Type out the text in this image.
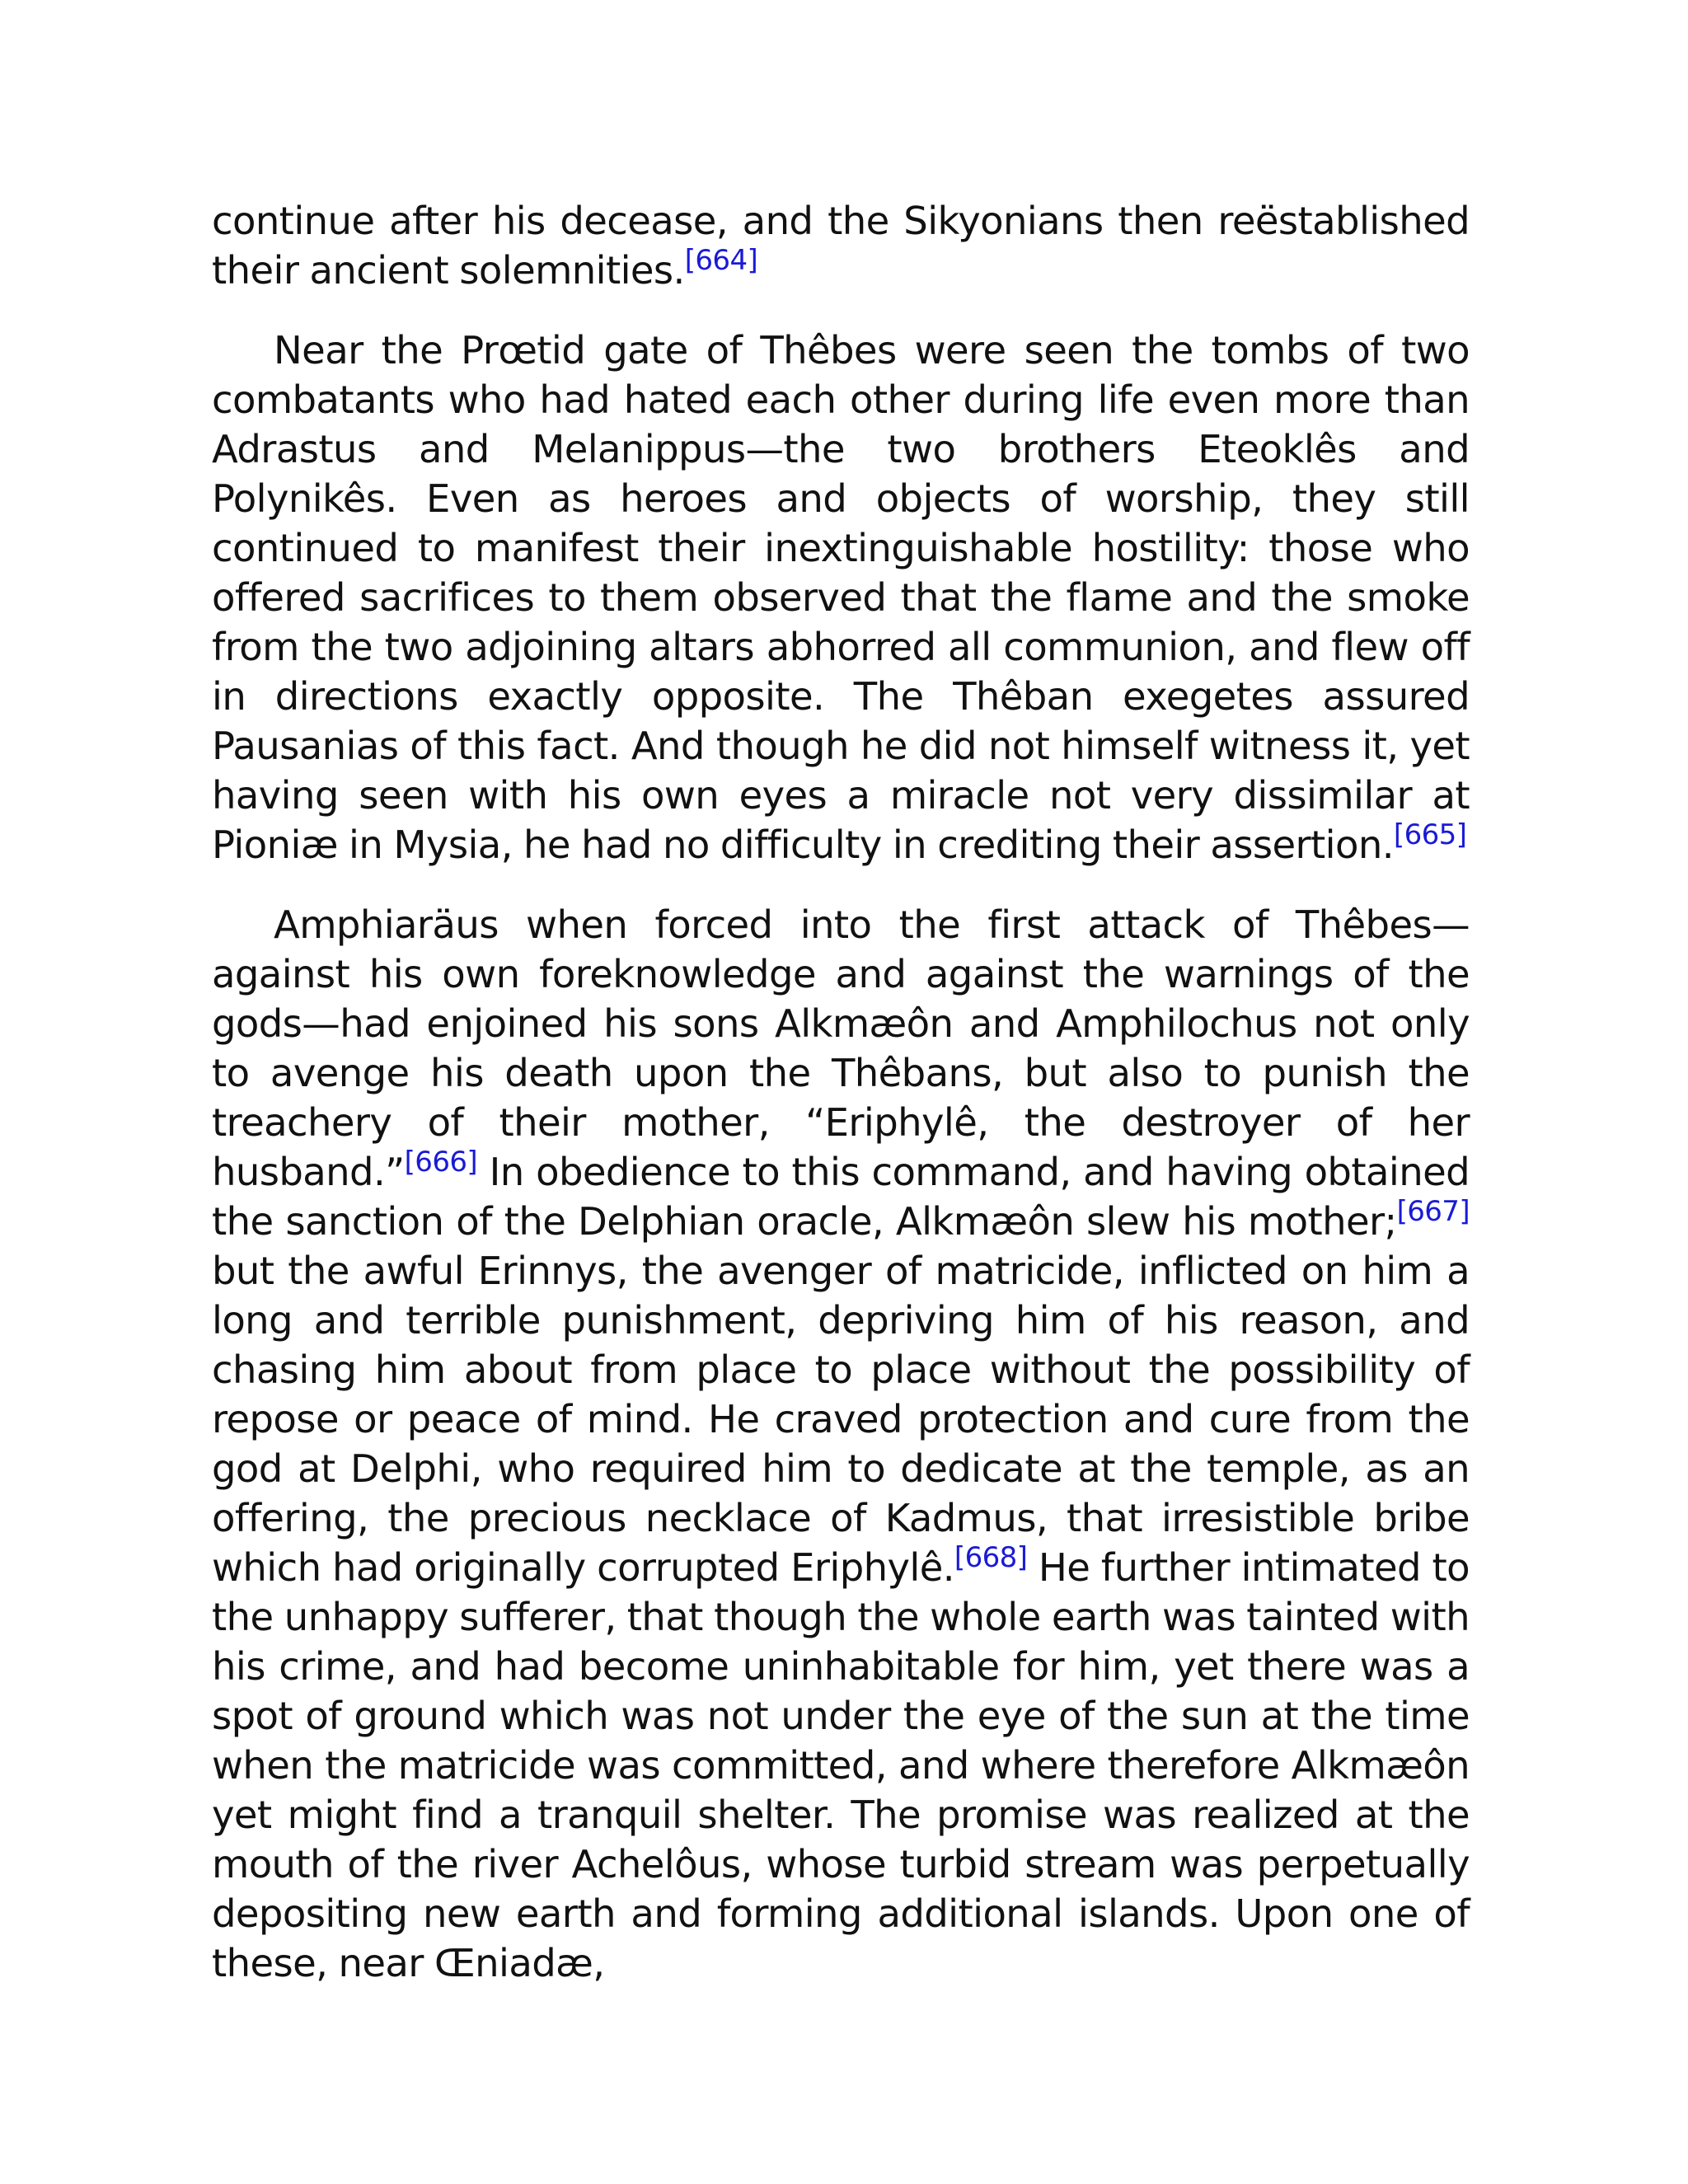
continue after his decease, and the Sikyonians then reëstablished their ancient solemnities.[664]

Near the Prœtid gate of Thêbes were seen the tombs of two combatants who had hated each other during life even more than Adrastus and Melanippus—the two brothers Eteoklês and Polynikês. Even as heroes and objects of worship, they still continued to manifest their inextinguishable hostility: those who offered sacrifices to them observed that the flame and the smoke from the two adjoining altars abhorred all communion, and flew off in directions exactly opposite. The Thêban exegetes assured Pausanias of this fact. And though he did not himself witness it, yet having seen with his own eyes a miracle not very dissimilar at Pioniæ in Mysia, he had no difficulty in crediting their assertion.[665]

Amphiaräus when forced into the first attack of Thêbes—against his own foreknowledge and against the warnings of the gods—had enjoined his sons Alkmæôn and Amphilochus not only to avenge his death upon the Thêbans, but also to punish the treachery of their mother, “Eriphylê, the destroyer of her husband.”[666] In obedience to this command, and having obtained the sanction of the Delphian oracle, Alkmæôn slew his mother;[667] but the awful Erinnys, the avenger of matricide, inflicted on him a long and terrible punishment, depriving him of his reason, and chasing him about from place to place without the possibility of repose or peace of mind. He craved protection and cure from the god at Delphi, who required him to dedicate at the temple, as an offering, the precious necklace of Kadmus, that irresistible bribe which had originally corrupted Eriphylê.[668] He further intimated to the unhappy sufferer, that though the whole earth was tainted with his crime, and had become uninhabitable for him, yet there was a spot of ground which was not under the eye of the sun at the time when the matricide was committed, and where therefore Alkmæôn yet might find a tranquil shelter. The promise was realized at the mouth of the river Achelôus, whose turbid stream was perpetually depositing new earth and forming additional islands. Upon one of these, near Œniadæ,
